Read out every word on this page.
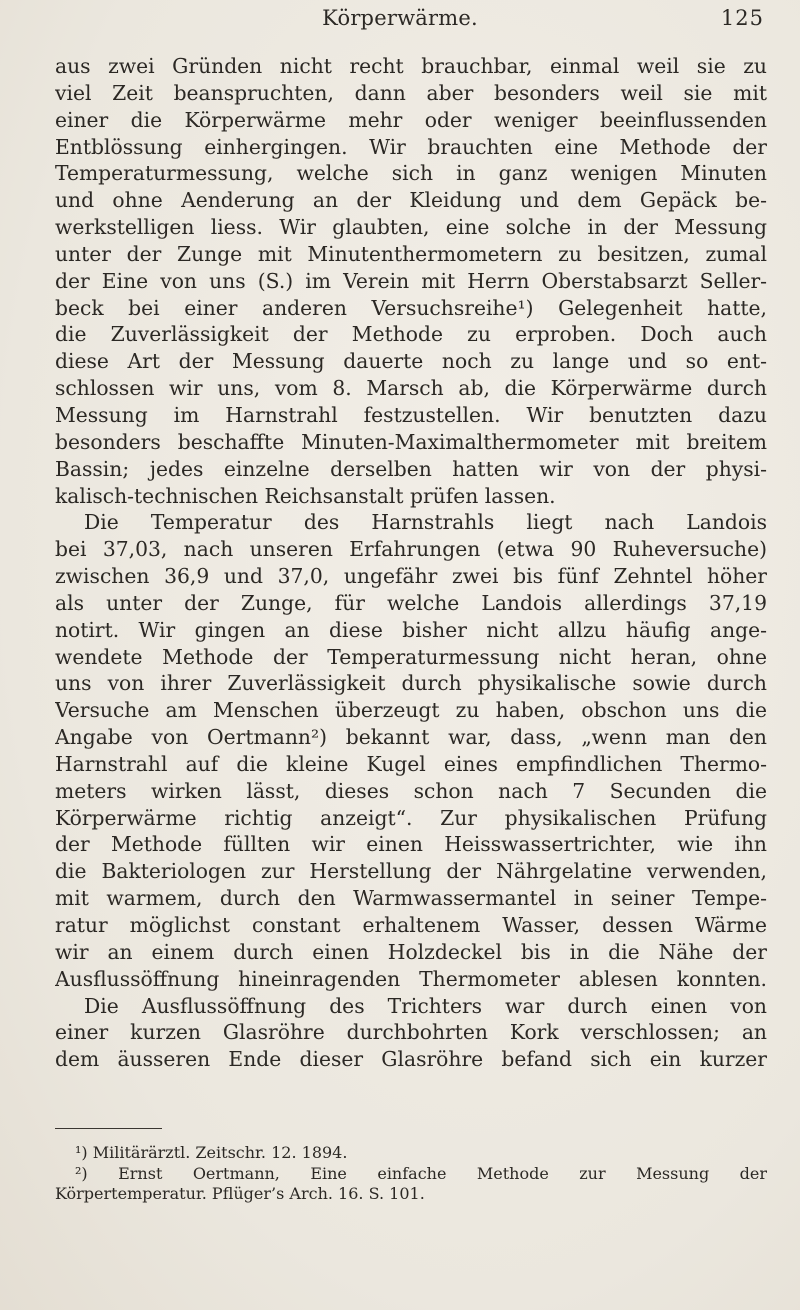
Körperwärme.	125
aus zwei Gründen nicht recht brauchbar, einmal weil sie zu
viel Zeit beanspruchten, dann aber besonders weil sie mit
einer die Körperwärme mehr oder weniger beeinflussenden
Entblössung einhergingen. Wir brauchten eine Methode der
Temperaturmessung, welche sich in ganz wenigen Minuten
und ohne Aenderung an der Kleidung und dem Gepäck be-
werkstelligen liess. Wir glaubten, eine solche in der Messung
unter der Zunge mit Minutenthermometern zu besitzen, zumal
der Eine von uns (S.) im Verein mit Herrn Oberstabsarzt Seller-
beck bei einer anderen Versuchsreihe¹) Gelegenheit hatte,
die Zuverlässigkeit der Methode zu erproben. Doch auch
diese Art der Messung dauerte noch zu lange und so ent-
schlossen wir uns, vom 8. Marsch ab, die Körperwärme durch
Messung im Harnstrahl festzustellen. Wir benutzten dazu
besonders beschaffte Minuten-Maximalthermometer mit breitem
Bassin; jedes einzelne derselben hatten wir von der physi-
kalisch-technischen Reichsanstalt prüfen lassen.
Die Temperatur des Harnstrahls liegt nach Landois
bei 37,03, nach unseren Erfahrungen (etwa 90 Ruheversuche)
zwischen 36,9 und 37,0, ungefähr zwei bis fünf Zehntel höher
als unter der Zunge, für welche Landois allerdings 37,19
notirt. Wir gingen an diese bisher nicht allzu häufig ange-
wendete Methode der Temperaturmessung nicht heran, ohne
uns von ihrer Zuverlässigkeit durch physikalische sowie durch
Versuche am Menschen überzeugt zu haben, obschon uns die
Angabe von Oertmann²) bekannt war, dass, „wenn man den
Harnstrahl auf die kleine Kugel eines empfindlichen Thermo-
meters wirken lässt, dieses schon nach 7 Secunden die
Körperwärme richtig anzeigt“. Zur physikalischen Prüfung
der Methode füllten wir einen Heisswassertrichter, wie ihn
die Bakteriologen zur Herstellung der Nährgelatine verwenden,
mit warmem, durch den Warmwassermantel in seiner Tempe-
ratur möglichst constant erhaltenem Wasser, dessen Wärme
wir an einem durch einen Holzdeckel bis in die Nähe der
Ausflussöffnung hineinragenden Thermometer ablesen konnten.
Die Ausflussöffnung des Trichters war durch einen von
einer kurzen Glasröhre durchbohrten Kork verschlossen; an
dem äusseren Ende dieser Glasröhre befand sich ein kurzer
¹) Militärärztl. Zeitschr. 12. 1894.
²) Ernst Oertmann, Eine einfache Methode zur Messung der
Körpertemperatur. Pflüger’s Arch. 16. S. 101.
